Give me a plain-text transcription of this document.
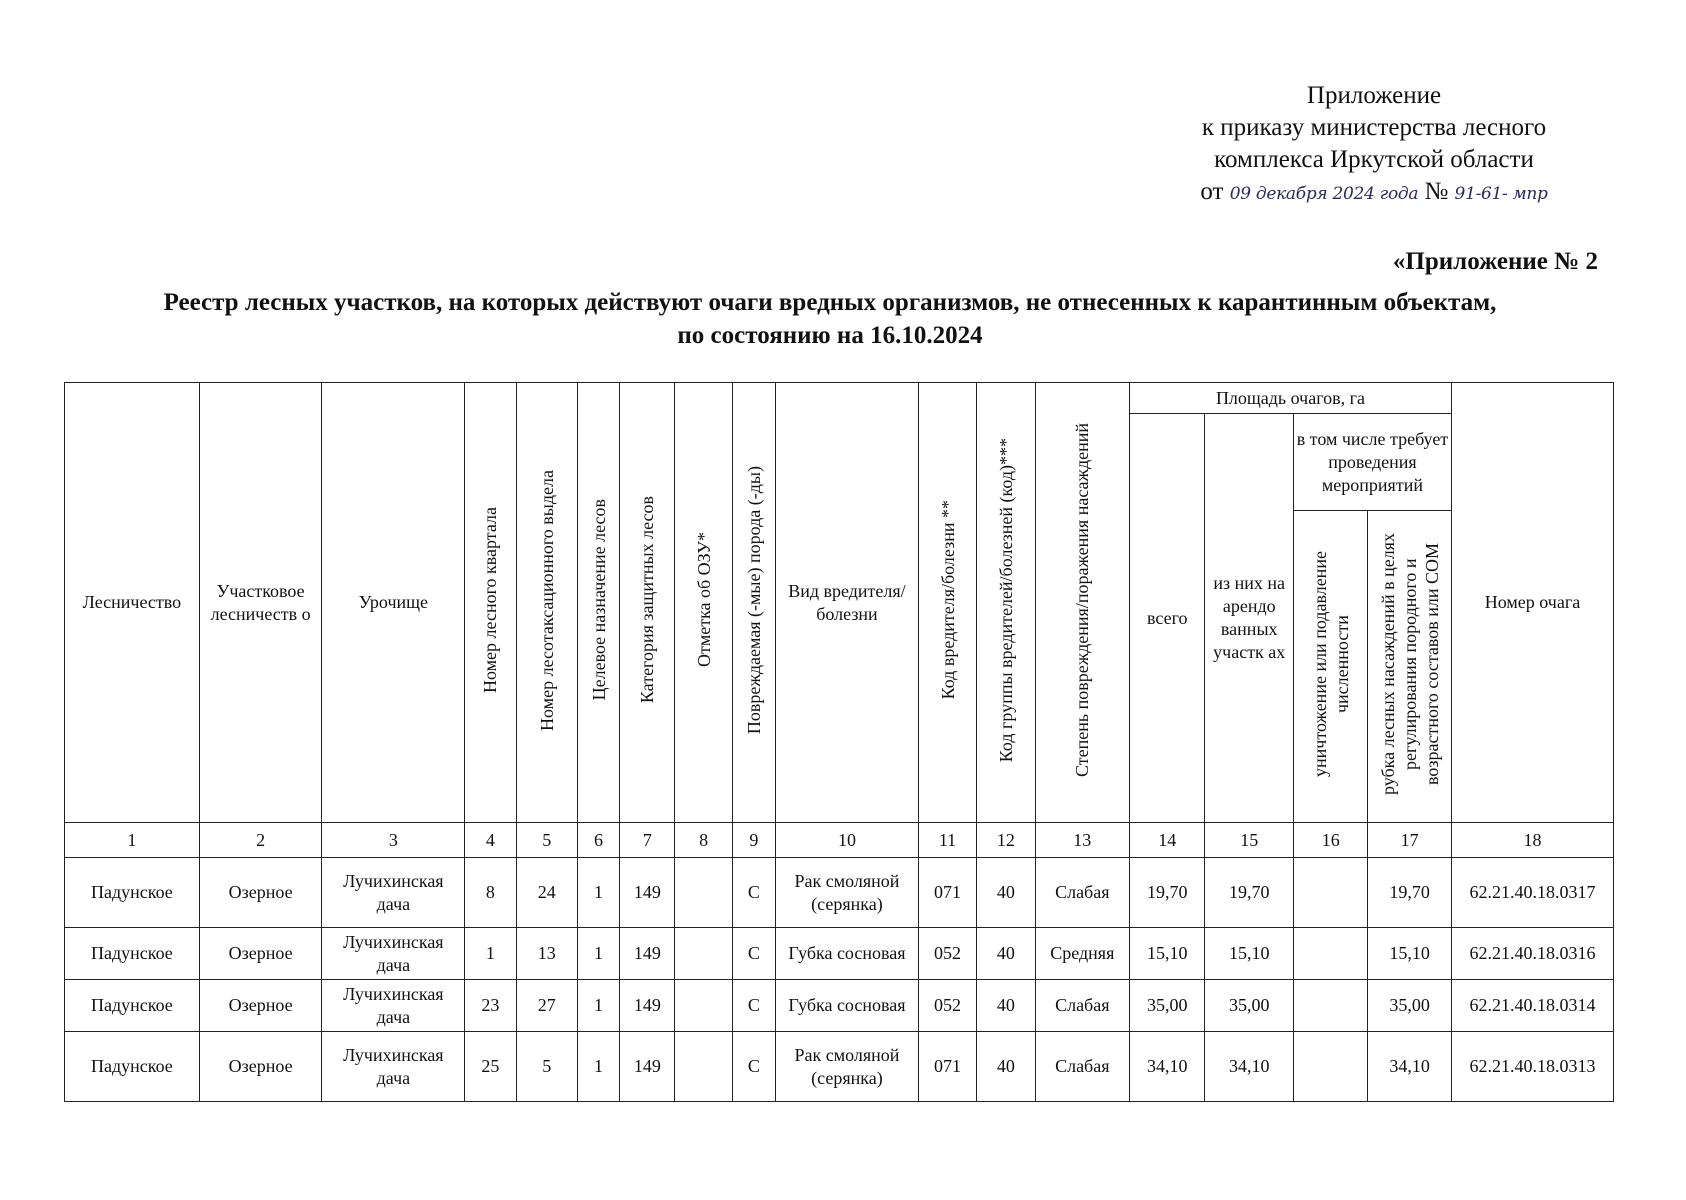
Приложение
к приказу министерства лесного
комплекса Иркутской области
от 09 декабря 2024 года № 91-61- мпр
«Приложение № 2
Реестр лесных участков, на которых действуют очаги вредных организмов, не отнесенных к карантинным объектам,
по состоянию на 16.10.2024
Лесничество	Участковое лесничеств о	Урочище	Номер лесного квартала	Номер лесотаксационного выдела	Целевое назначение лесов	Категория защитных лесов	Отметка об ОЗУ*	Повреждаемая (-мые) порода (-ды)	Вид вредителя/ болезни	Код вредителя/болезни **	Код группы вредителей/болезней (код)***	Степень повреждения/поражения насаждений	Площадь очагов, га				Номер очага
													всего	из них на арендо ванных участк ах	в том числе требует проведения мероприятий		
															уничтожение или подавление численности	рубка лесных насаждений в целях регулирования породного и возрастного составов или СОМ	
1	2	3	4	5	6	7	8	9	10	11	12	13	14	15	16	17	18
Падунское	Озерное	Лучихинская дача	8	24	1	149		С	Рак смоляной (серянка)	071	40	Слабая	19,70	19,70		19,70	62.21.40.18.0317
Падунское	Озерное	Лучихинская дача	1	13	1	149		С	Губка сосновая	052	40	Средняя	15,10	15,10		15,10	62.21.40.18.0316
Падунское	Озерное	Лучихинская дача	23	27	1	149		С	Губка сосновая	052	40	Слабая	35,00	35,00		35,00	62.21.40.18.0314
Падунское	Озерное	Лучихинская дача	25	5	1	149		С	Рак смоляной (серянка)	071	40	Слабая	34,10	34,10		34,10	62.21.40.18.0313
